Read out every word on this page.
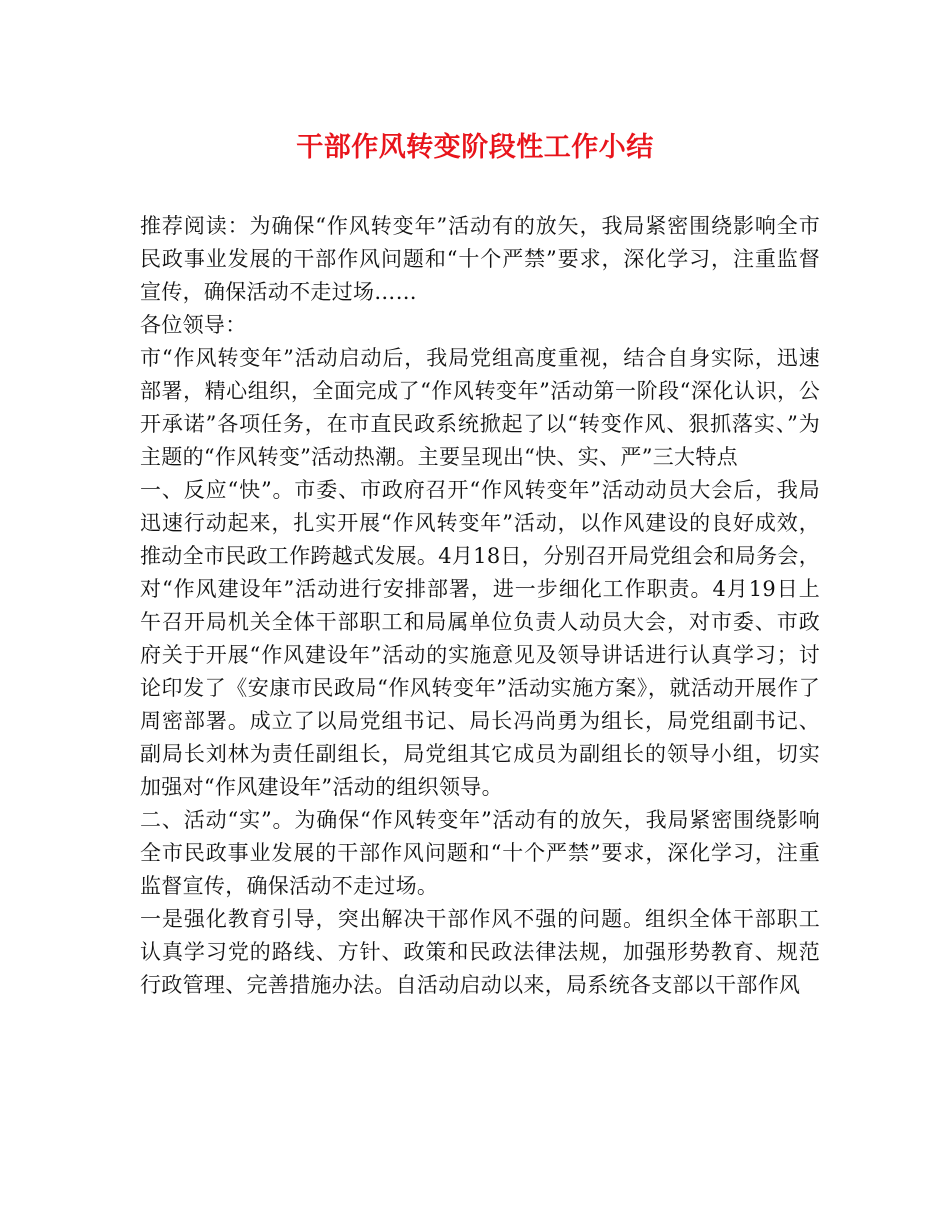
干部作风转变阶段性工作小结

推荐阅读：为确保“作风转变年”活动有的放矢，我局紧密围绕影响全市民政事业发展的干部作风问题和“十个严禁”要求，深化学习，注重监督宣传，确保活动不走过场……

各位领导：

市“作风转变年”活动启动后，我局党组高度重视，结合自身实际，迅速部署，精心组织，全面完成了“作风转变年”活动第一阶段“深化认识，公开承诺”各项任务，在市直民政系统掀起了以“转变作风、狠抓落实、”为主题的“作风转变”活动热潮。主要呈现出“快、实、严”三大特点

一、反应“快”。市委、市政府召开“作风转变年”活动动员大会后，我局迅速行动起来，扎实开展“作风转变年”活动，以作风建设的良好成效，推动全市民政工作跨越式发展。4月18日，分别召开局党组会和局务会，对“作风建设年”活动进行安排部署，进一步细化工作职责。4月19日上午召开局机关全体干部职工和局属单位负责人动员大会，对市委、市政府关于开展“作风建设年”活动的实施意见及领导讲话进行认真学习；讨论印发了《安康市民政局“作风转变年”活动实施方案》，就活动开展作了周密部署。成立了以局党组书记、局长冯尚勇为组长，局党组副书记、副局长刘林为责任副组长，局党组其它成员为副组长的领导小组，切实加强对“作风建设年”活动的组织领导。

二、活动“实”。为确保“作风转变年”活动有的放矢，我局紧密围绕影响全市民政事业发展的干部作风问题和“十个严禁”要求，深化学习，注重监督宣传，确保活动不走过场。

一是强化教育引导，突出解决干部作风不强的问题。组织全体干部职工认真学习党的路线、方针、政策和民政法律法规，加强形势教育、规范行政管理、完善措施办法。自活动启动以来，局系统各支部以干部作风
